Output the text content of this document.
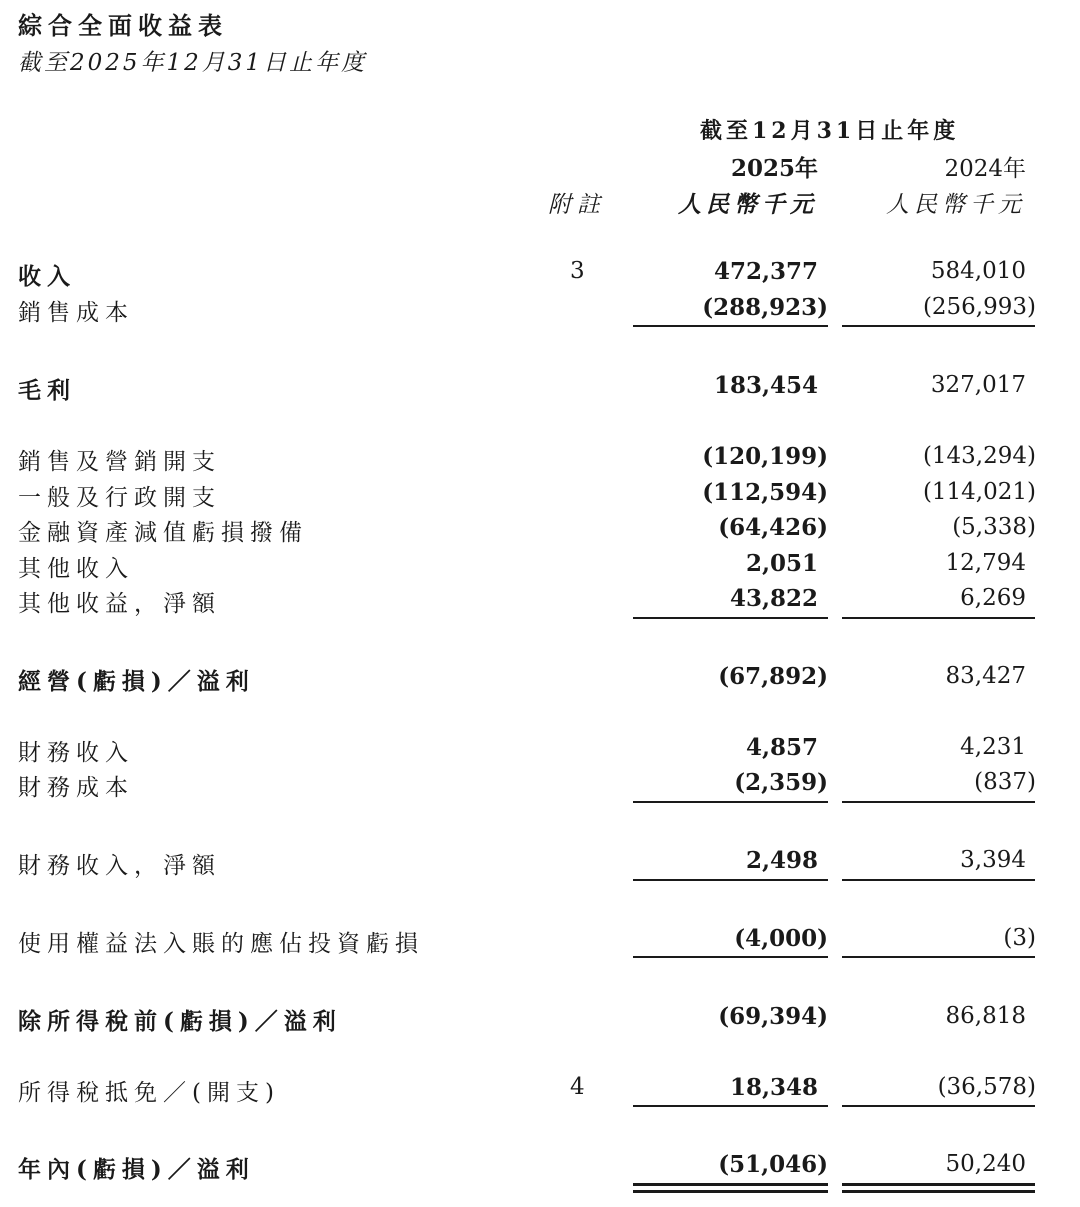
綜合全面收益表
截至2025年12月31日止年度
截至12月31日止年度
2025年	2024年
附註	人民幣千元	人民幣千元
收入	3	472,377	584,010
銷售成本	(288,923)	(256,993)
毛利	183,454	327,017
銷售及營銷開支	(120,199)	(143,294)
一般及行政開支	(112,594)	(114,021)
金融資產減值虧損撥備	(64,426)	(5,338)
其他收入	2,051	12,794
其他收益，淨額	43,822	6,269
經營(虧損)／溢利	(67,892)	83,427
財務收入	4,857	4,231
財務成本	(2,359)	(837)
財務收入，淨額	2,498	3,394
使用權益法入賬的應佔投資虧損	(4,000)	(3)
除所得稅前(虧損)／溢利	(69,394)	86,818
所得稅抵免／(開支)	4	18,348	(36,578)
年內(虧損)／溢利	(51,046)	50,240
